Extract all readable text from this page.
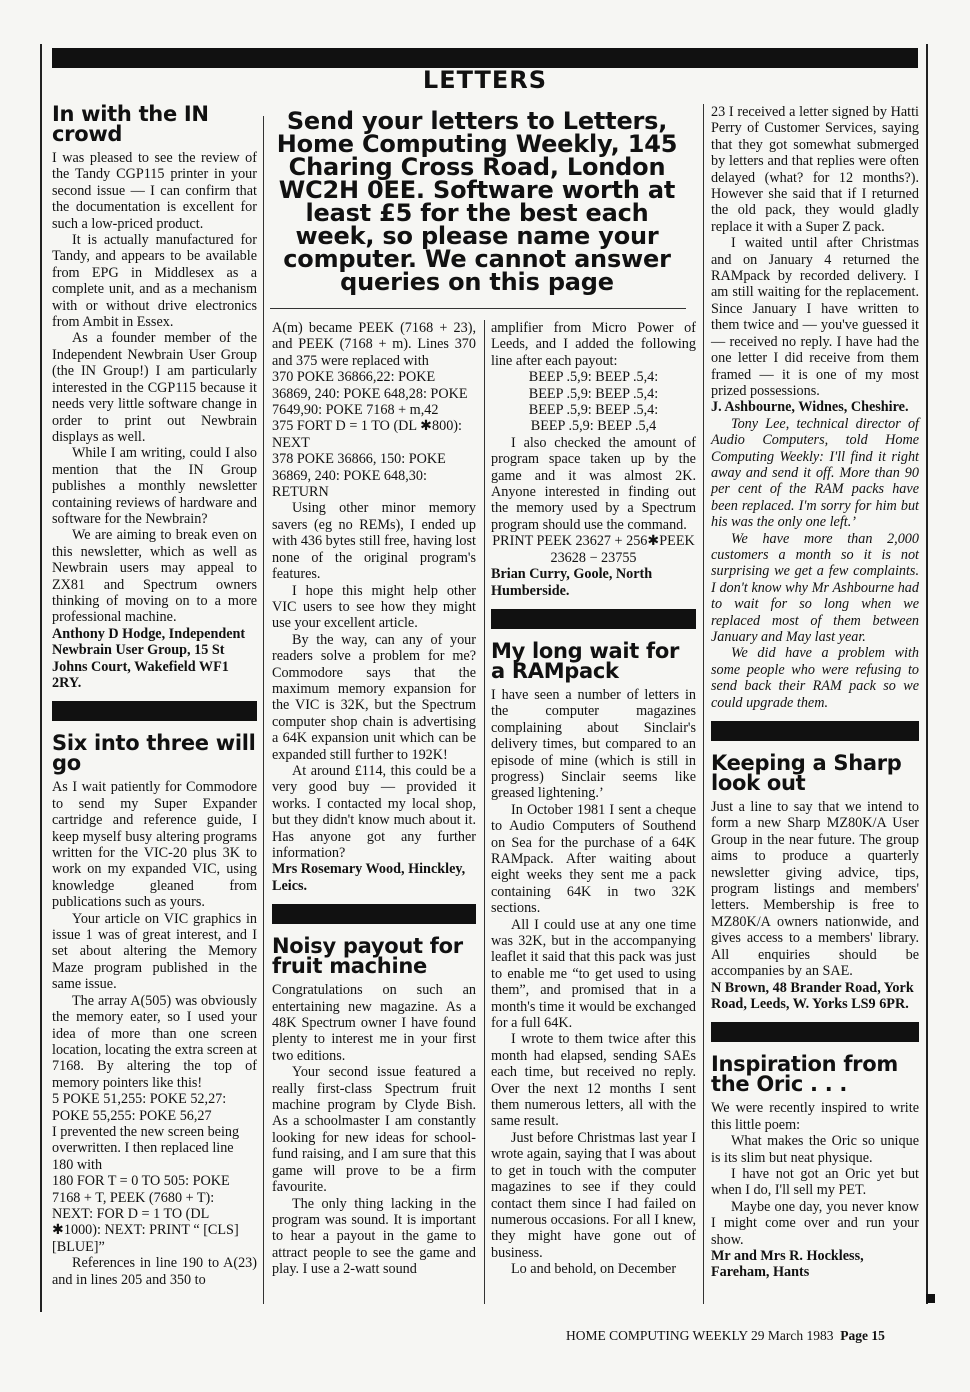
LETTERS
In with the IN crowd

I was pleased to see the review of the Tandy CGP115 printer in your second issue — I can confirm that the documentation is excellent for such a low-priced product.

It is actually manufactured for Tandy, and appears to be available from EPG in Middlesex as a complete unit, and as a mechanism with or without drive electronics from Ambit in Essex.

As a founder member of the Independent Newbrain User Group (the IN Group!) I am particularly interested in the CGP115 because it needs very little software change in order to print out Newbrain displays as well.

While I am writing, could I also mention that the IN Group publishes a monthly newsletter containing reviews of hardware and software for the Newbrain?

We are aiming to break even on this newsletter, which as well as Newbrain users may appeal to ZX81 and Spectrum owners thinking of moving on to a more professional machine.

Anthony D Hodge, Independent Newbrain User Group, 15 St Johns Court, Wakefield WF1 2RY.

Six into three will go

As I wait patiently for Commodore to send my Super Expander cartridge and reference guide, I keep myself busy altering programs written for the VIC-20 plus 3K to work on my expanded VIC, using knowledge gleaned from publications such as yours.

Your article on VIC graphics in issue 1 was of great interest, and I set about altering the Memory Maze program published in the same issue.

The array A(505) was obviously the memory eater, so I used your idea of more than one screen location, locating the extra screen at 7168. By altering the top of memory pointers like this!

5 POKE 51,255: POKE 52,27: POKE 55,255: POKE 56,27

I prevented the new screen being overwritten. I then replaced line 180 with

180 FOR T = 0 TO 505: POKE 7168 + T, PEEK (7680 + T): NEXT: FOR D = 1 TO (DL ✱1000): NEXT: PRINT “ [CLS] [BLUE]”

References in line 190 to A(23) and in lines 205 and 350 to

Send your letters to Letters, Home Computing Weekly, 145 Charing Cross Road, London WC2H 0EE. Software worth at least £5 for the best each week, so please name your computer. We cannot answer queries on this page

A(m) became PEEK (7168 + 23), and PEEK (7168 + m). Lines 370 and 375 were replaced with

370 POKE 36866,22: POKE 36869, 240: POKE 648,28: POKE 7649,90: POKE 7168 + m,42

375 FORT D = 1 TO (DL ✱800): NEXT

378 POKE 36866, 150: POKE 36869, 240: POKE 648,30: RETURN

Using other minor memory savers (eg no REMs), I ended up with 436 bytes still free, having lost none of the original program's features.

I hope this might help other VIC users to see how they might use your excellent article.

By the way, can any of your readers solve a problem for me? Commodore says that the maximum memory expansion for the VIC is 32K, but the Spectrum computer shop chain is advertising a 64K expansion unit which can be expanded still further to 192K!

At around £114, this could be a very good buy — provided it works. I contacted my local shop, but they didn't know much about it. Has anyone got any further information?

Mrs Rosemary Wood, Hinckley, Leics.

Noisy payout for fruit machine

Congratulations on such an entertaining new magazine. As a 48K Spectrum owner I have found plenty to interest me in your first two editions.

Your second issue featured a really first-class Spectrum fruit machine program by Clyde Bish. As a schoolmaster I am constantly looking for new ideas for school-fund raising, and I am sure that this game will prove to be a firm favourite.

The only thing lacking in the program was sound. It is important to hear a payout in the game to attract people to see the game and play. I use a 2-watt sound

amplifier from Micro Power of Leeds, and I added the following line after each payout:

BEEP .5,9: BEEP .5,4:

BEEP .5,9: BEEP .5,4:

BEEP .5,9: BEEP .5,4:

BEEP .5,9: BEEP .5,4

I also checked the amount of program space taken up by the game and it was almost 2K. Anyone interested in finding out the memory used by a Spectrum program should use the command.

PRINT PEEK 23627 + 256✱PEEK 23628 − 23755

Brian Curry, Goole, North Humberside.

My long wait for a RAMpack

I have seen a number of letters in the computer magazines complaining about Sinclair's delivery times, but compared to an episode of mine (which is still in progress) Sinclair seems like greased lightening.’

In October 1981 I sent a cheque to Audio Computers of Southend on Sea for the purchase of a 64K RAMpack. After waiting about eight weeks they sent me a pack containing 64K in two 32K sections.

All I could use at any one time was 32K, but in the accompanying leaflet it said that this pack was just to enable me “to get used to using them”, and promised that in a month's time it would be exchanged for a full 64K.

I wrote to them twice after this month had elapsed, sending SAEs each time, but received no reply. Over the next 12 months I sent them numerous letters, all with the same result.

Just before Christmas last year I wrote again, saying that I was about to get in touch with the computer magazines to see if they could contact them since I had failed on numerous occasions. For all I knew, they might have gone out of business.

Lo and behold, on December

23 I received a letter signed by Hatti Perry of Customer Services, saying that they got somewhat submerged by letters and that replies were often delayed (what? for 12 months?). However she said that if I returned the old pack, they would gladly replace it with a Super Z pack.

I waited until after Christmas and on January 4 returned the RAMpack by recorded delivery. I am still waiting for the replacement. Since January I have written to them twice and — you've guessed it — received no reply. I have had the one letter I did receive from them framed — it is one of my most prized possessions.

J. Ashbourne, Widnes, Cheshire.

Tony Lee, technical director of Audio Computers, told Home Computing Weekly: I'll find it right away and send it off. More than 90 per cent of the RAM packs have been replaced. I'm sorry for him but his was the only one left.’

We have more than 2,000 customers a month so it is not surprising we get a few complaints. I don't know why Mr Ashbourne had to wait for so long when we replaced most of them between January and May last year.

We did have a problem with some people who were refusing to send back their RAM pack so we could upgrade them.

Keeping a Sharp look out

Just a line to say that we intend to form a new Sharp MZ80K/A User Group in the near future. The group aims to produce a quarterly newsletter giving advice, tips, program listings and members' letters. Membership is free to MZ80K/A owners nationwide, and gives access to a members' library. All enquiries should be accompanies by an SAE.

N Brown, 48 Brander Road, York Road, Leeds, W. Yorks LS9 6PR.

Inspiration from the Oric . . .

We were recently inspired to write this little poem:

What makes the Oric so unique is its slim but neat physique.

I have not got an Oric yet but when I do, I'll sell my PET.

Maybe one day, you never know I might come over and run your show.

Mr and Mrs R. Hockless, Fareham, Hants

HOME COMPUTING WEEKLY 29 March 1983  Page 15
